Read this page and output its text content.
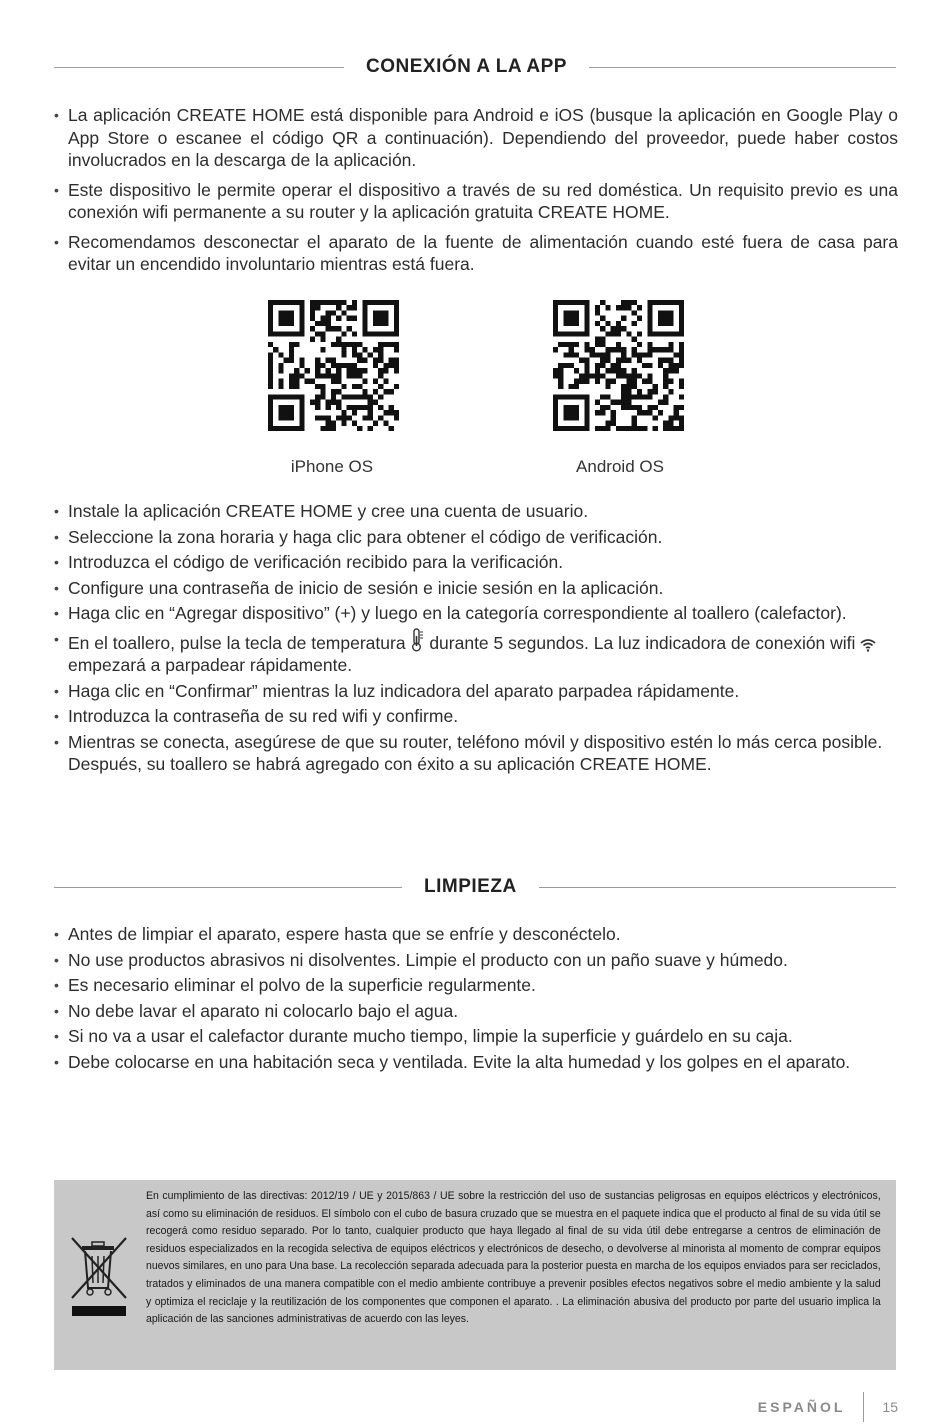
CONEXIÓN A LA APP
• La aplicación CREATE HOME está disponible para Android e iOS (busque la aplicación en Google Play o App Store o escanee el código QR a continuación). Dependiendo del proveedor, puede haber costos involucrados en la descarga de la aplicación.
• Este dispositivo le permite operar el dispositivo a través de su red doméstica. Un requisito previo es una conexión wifi permanente a su router y la aplicación gratuita CREATE HOME.
• Recomendamos desconectar el aparato de la fuente de alimentación cuando esté fuera de casa para evitar un encendido involuntario mientras está fuera.
iPhone OS	Android OS
• Instale la aplicación CREATE HOME y cree una cuenta de usuario.
• Seleccione la zona horaria y haga clic para obtener el código de verificación.
• Introduzca el código de verificación recibido para la verificación.
• Configure una contraseña de inicio de sesión e inicie sesión en la aplicación.
• Haga clic en “Agregar dispositivo” (+) y luego en la categoría correspondiente al toallero (calefactor).
• En el toallero, pulse la tecla de temperatura durante 5 segundos. La luz indicadora de conexión wifi  empezará a parpadear rápidamente.
• Haga clic en “Confirmar” mientras la luz indicadora del aparato parpadea rápidamente.
• Introduzca la contraseña de su red wifi y confirme.
• Mientras se conecta, asegúrese de que su router, teléfono móvil y dispositivo estén lo más cerca posible. Después, su toallero se habrá agregado con éxito a su aplicación CREATE HOME.
LIMPIEZA
• Antes de limpiar el aparato, espere hasta que se enfríe y desconéctelo.
• No use productos abrasivos ni disolventes. Limpie el producto con un paño suave y húmedo.
• Es necesario eliminar el polvo de la superficie regularmente.
• No debe lavar el aparato ni colocarlo bajo el agua.
• Si no va a usar el calefactor durante mucho tiempo, limpie la superficie y guárdelo en su caja.
• Debe colocarse en una habitación seca y ventilada. Evite la alta humedad y los golpes en el aparato.
En cumplimiento de las directivas: 2012/19 / UE y 2015/863 / UE sobre la restricción del uso de sustancias peligrosas en equipos eléctricos y electrónicos, así como su eliminación de residuos. El símbolo con el cubo de basura cruzado que se muestra en el paquete indica que el producto al final de su vida útil se recogerá como residuo separado. Por lo tanto, cualquier producto que haya llegado al final de su vida útil debe entregarse a centros de eliminación de residuos especializados en la recogida selectiva de equipos eléctricos y electrónicos de desecho, o devolverse al minorista al momento de comprar equipos nuevos similares, en uno para Una base. La recolección separada adecuada para la posterior puesta en marcha de los equipos enviados para ser reciclados, tratados y eliminados de una manera compatible con el medio ambiente contribuye a prevenir posibles efectos negativos sobre el medio ambiente y la salud y optimiza el reciclaje y la reutilización de los componentes que componen el aparato. . La eliminación abusiva del producto por parte del usuario implica la aplicación de las sanciones administrativas de acuerdo con las leyes.
ESPAÑOL	15
